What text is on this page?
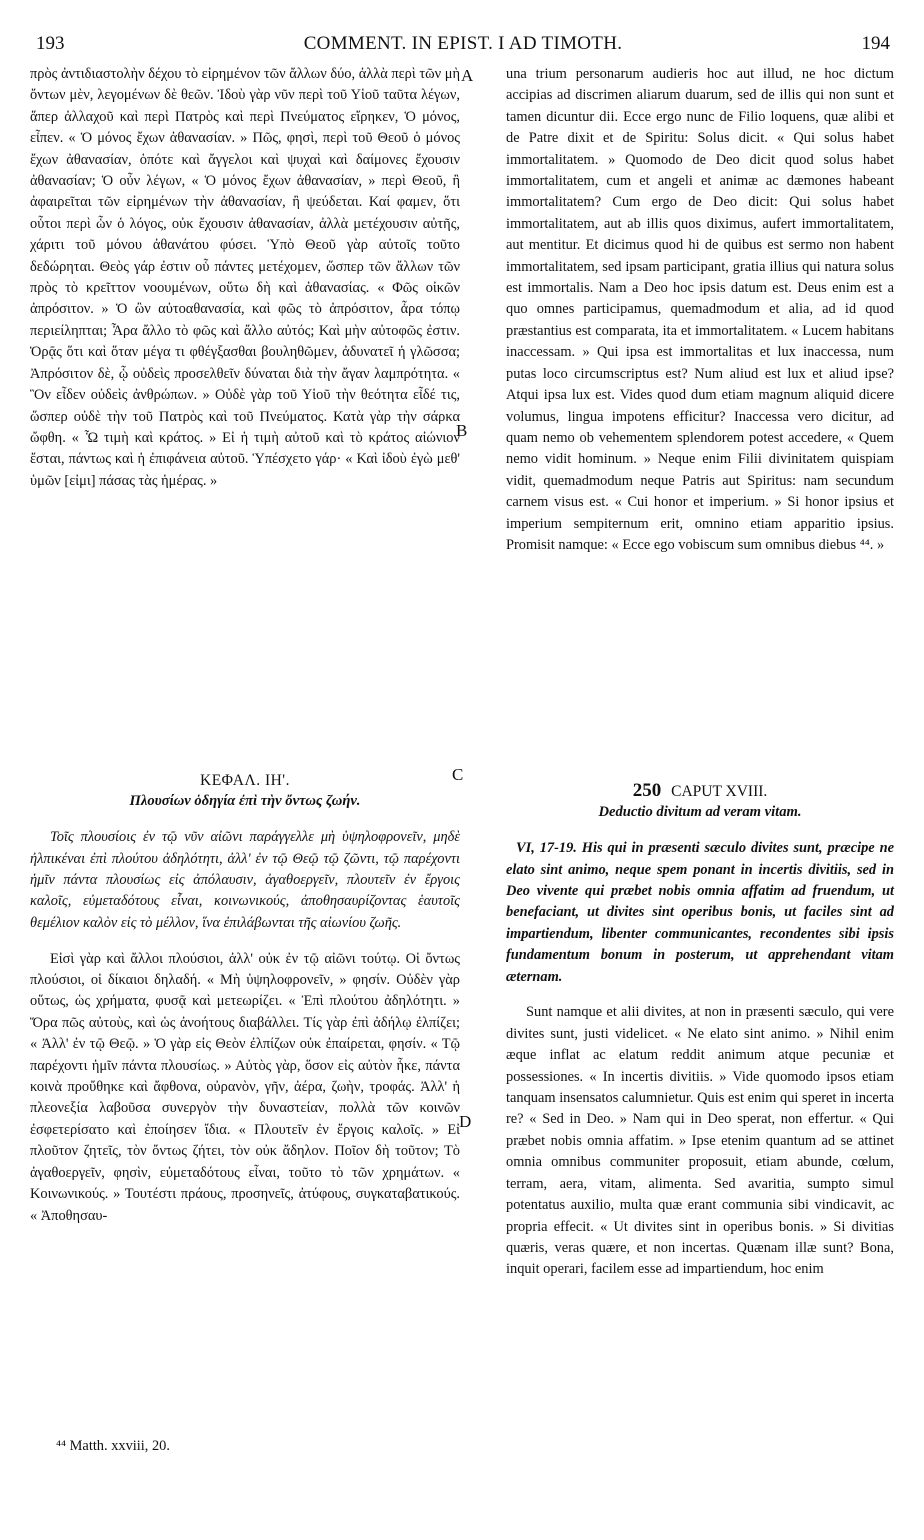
193	COMMENT. IN EPIST. I AD TIMOTH.	194

πρὸς ἀντιδιαστολὴν δέχου τὸ εἰρημένον τῶν ἄλλων δύο, ἀλλὰ περὶ τῶν μὴ ὄντων μὲν, λεγομένων δὲ θεῶν. Ἰδοὺ γὰρ νῦν περὶ τοῦ Υἱοῦ ταῦτα λέγων, ἅπερ ἀλλαχοῦ καὶ περὶ Πατρὸς καὶ περὶ Πνεύματος εἴρηκεν, Ὁ μόνος, εἶπεν. « Ὁ μόνος ἔχων ἀθανασίαν. » Πῶς, φησὶ, περὶ τοῦ Θεοῦ ὁ μόνος ἔχων ἀθανασίαν, ὁπότε καὶ ἄγγελοι καὶ ψυχαὶ καὶ δαίμονες ἔχουσιν ἀθανασίαν; Ὁ οὖν λέγων, « Ὁ μόνος ἔχων ἀθανασίαν, » περὶ Θεοῦ, ἢ ἀφαιρεῖται τῶν εἰρημένων τὴν ἀθανασίαν, ἢ ψεύδεται. Καί φαμεν, ὅτι οὗτοι περὶ ὧν ὁ λόγος, οὐκ ἔχουσιν ἀθανασίαν, ἀλλὰ μετέχουσιν αὐτῆς, χάριτι τοῦ μόνου ἀθανάτου φύσει. Ὑπὸ Θεοῦ γὰρ αὐτοῖς τοῦτο δεδώρηται. Θεὸς γάρ ἐστιν οὗ πάντες μετέχομεν, ὥσπερ τῶν ἄλλων τῶν πρὸς τὸ κρεῖττον νοουμένων, οὕτω δὴ καὶ ἀθανασίας. « Φῶς οἰκῶν ἀπρόσιτον. » Ὁ ὢν αὐτοαθανασία, καὶ φῶς τὸ ἀπρόσιτον, ἆρα τόπῳ περιείληπται; Ἆρα ἄλλο τὸ φῶς καὶ ἄλλο αὐτός; Καὶ μὴν αὐτοφῶς ἐστιν. Ὁρᾷς ὅτι καὶ ὅταν μέγα τι φθέγξασθαι βουληθῶμεν, ἀδυνατεῖ ἡ γλῶσσα; Ἀπρόσιτον δὲ, ᾧ οὐδεὶς προσελθεῖν δύναται διὰ τὴν ἄγαν λαμπρότητα. « Ὃν εἶδεν οὐδεὶς ἀνθρώπων. » Οὐδὲ γὰρ τοῦ Υἱοῦ τὴν θεότητα εἶδέ τις, ὥσπερ οὐδὲ τὴν τοῦ Πατρὸς καὶ τοῦ Πνεύματος. Κατὰ γὰρ τὴν σάρκα ὤφθη. « Ὧ τιμὴ καὶ κράτος. » Εἰ ἡ τιμὴ αὐτοῦ καὶ τὸ κράτος αἰώνιον ἔσται, πάντως καὶ ἡ ἐπιφάνεια αὐτοῦ. Ὑπέσχετο γάρ· « Καὶ ἰδοὺ ἐγὼ μεθ' ὑμῶν [εἰμι] πάσας τὰς ἡμέρας. »

una trium personarum audieris hoc aut illud, ne hoc dictum accipias ad discrimen aliarum duarum, sed de illis qui non sunt et tamen dicuntur dii. Ecce ergo nunc de Filio loquens, quæ alibi et de Patre dixit et de Spiritu: Solus dicit. « Qui solus habet immortalitatem. » Quomodo de Deo dicit quod solus habet immortalitatem, cum et angeli et animæ ac dæmones habeant immortalitatem? Cum ergo de Deo dicit: Qui solus habet immortalitatem, aut ab illis quos diximus, aufert immortalitatem, aut mentitur. Et dicimus quod hi de quibus est sermo non habent immortalitatem, sed ipsam participant, gratia illius qui natura solus est immortalis. Nam a Deo hoc ipsis datum est. Deus enim est a quo omnes participamus, quemadmodum et alia, ad id quod præstantius est comparata, ita et immortalitatem. « Lucem habitans inaccessam. » Qui ipsa est immortalitas et lux inaccessa, num putas loco circumscriptus est? Num aliud est lux et aliud ipse? Atqui ipsa lux est. Vides quod dum etiam magnum aliquid dicere volumus, lingua impotens efficitur? Inaccessa vero dicitur, ad quam nemo ob vehementem splendorem potest accedere, « Quem nemo vidit hominum. » Neque enim Filii divinitatem quispiam vidit, quemadmodum neque Patris aut Spiritus: nam secundum carnem visus est. « Cui honor et imperium. » Si honor ipsius et imperium sempiternum erit, omnino etiam apparitio ipsius. Promisit namque: « Ecce ego vobiscum sum omnibus diebus ⁴⁴. »

A
B
C
D

ΚΕΦΑΛ. ΙΗ'.

Πλουσίων ὁδηγία ἐπὶ τὴν ὄντως ζωήν.

Τοῖς πλουσίοις ἐν τῷ νῦν αἰῶνι παράγγελλε μὴ ὑψηλοφρονεῖν, μηδὲ ἠλπικέναι ἐπὶ πλούτου ἀδηλότητι, ἀλλ' ἐν τῷ Θεῷ τῷ ζῶντι, τῷ παρέχοντι ἡμῖν πάντα πλουσίως εἰς ἀπόλαυσιν, ἀγαθοεργεῖν, πλουτεῖν ἐν ἔργοις καλοῖς, εὐμεταδότους εἶναι, κοινωνικούς, ἀποθησαυρίζοντας ἑαυτοῖς θεμέλιον καλὸν εἰς τὸ μέλλον, ἵνα ἐπιλάβωνται τῆς αἰωνίου ζωῆς.

Εἰσὶ γὰρ καὶ ἄλλοι πλούσιοι, ἀλλ' οὐκ ἐν τῷ αἰῶνι τούτῳ. Οἱ ὄντως πλούσιοι, οἱ δίκαιοι δηλαδή. « Μὴ ὑψηλοφρονεῖν, » φησίν. Οὐδὲν γὰρ οὕτως, ὡς χρήματα, φυσᾷ καὶ μετεωρίζει. « Ἐπὶ πλούτου ἀδηλότητι. » Ὅρα πῶς αὐτοὺς, καὶ ὡς ἀνοήτους διαβάλλει. Τίς γὰρ ἐπὶ ἀδήλῳ ἐλπίζει; « Ἀλλ' ἐν τῷ Θεῷ. » Ὁ γὰρ εἰς Θεὸν ἐλπίζων οὐκ ἐπαίρεται, φησίν. « Τῷ παρέχοντι ἡμῖν πάντα πλουσίως. » Αὐτὸς γὰρ, ὅσον εἰς αὐτὸν ἧκε, πάντα κοινὰ προὔθηκε καὶ ἄφθονα, οὐρανὸν, γῆν, ἀέρα, ζωὴν, τροφάς. Ἀλλ' ἡ πλεονεξία λαβοῦσα συνεργὸν τὴν δυναστείαν, πολλὰ τῶν κοινῶν ἐσφετερίσατο καὶ ἐποίησεν ἴδια. « Πλουτεῖν ἐν ἔργοις καλοῖς. » Εἰ πλοῦτον ζητεῖς, τὸν ὄντως ζήτει, τὸν οὐκ ἄδηλον. Ποῖον δὴ τοῦτον; Τὸ ἀγαθοεργεῖν, φησὶν, εὐμεταδότους εἶναι, τοῦτο τὸ τῶν χρημάτων. « Κοινωνικούς. » Τουτέστι πράους, προσηνεῖς, ἀτύφους, συγκαταβατικούς. « Ἀποθησαυ-

250 CAPUT XVIII.

Deductio divitum ad veram vitam.

VI, 17-19. His qui in præsenti sæculo divites sunt, præcipe ne elato sint animo, neque spem ponant in incertis divitiis, sed in Deo vivente qui præbet nobis omnia affatim ad fruendum, ut benefaciant, ut divites sint operibus bonis, ut faciles sint ad impartiendum, libenter communicantes, recondentes sibi ipsis fundamentum bonum in posterum, ut apprehendant vitam æternam.

Sunt namque et alii divites, at non in præsenti sæculo, qui vere divites sunt, justi videlicet. « Ne elato sint animo. » Nihil enim æque inflat ac elatum reddit animum atque pecuniæ et possessiones. « In incertis divitiis. » Vide quomodo ipsos etiam tanquam insensatos calumnietur. Quis est enim qui speret in incerta re? « Sed in Deo. » Nam qui in Deo sperat, non effertur. « Qui præbet nobis omnia affatim. » Ipse etenim quantum ad se attinet omnia omnibus communiter proposuit, etiam abunde, cœlum, terram, aera, vitam, alimenta. Sed avaritia, sumpto simul potentatus auxilio, multa quæ erant communia sibi vindicavit, ac propria effecit. « Ut divites sint in operibus bonis. » Si divitias quæris, veras quære, et non incertas. Quænam illæ sunt? Bona, inquit operari, facilem esse ad impartiendum, hoc enim

⁴⁴ Matth. xxviii, 20.
